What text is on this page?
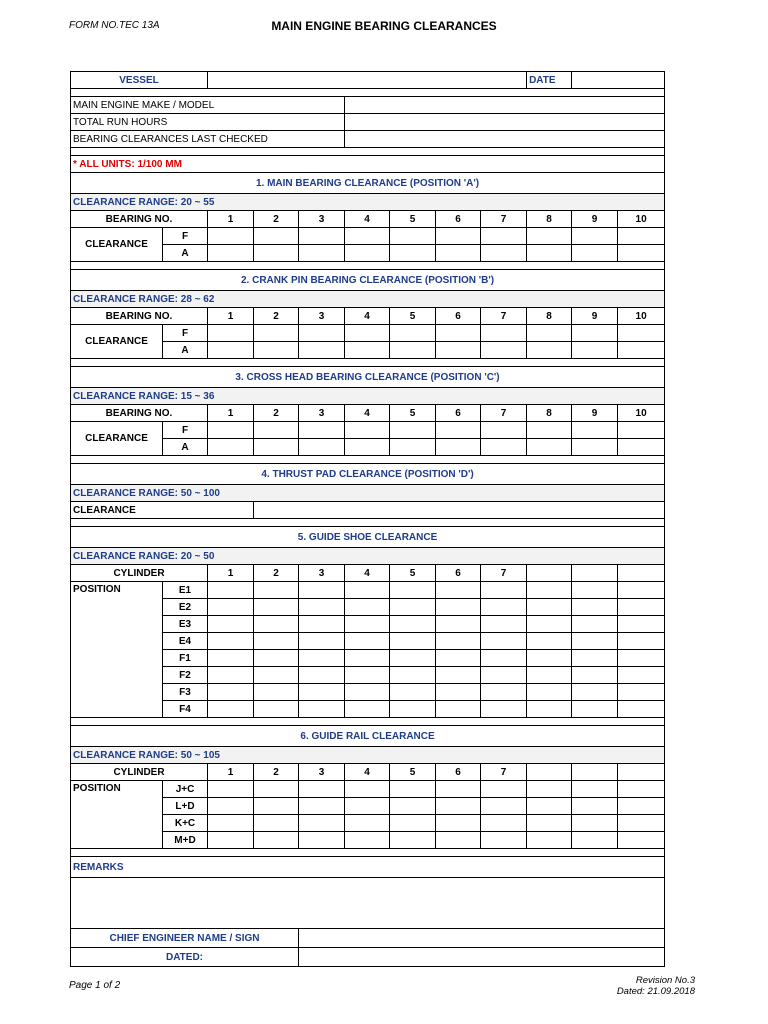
FORM NO.TEC 13A	MAIN ENGINE BEARING CLEARANCES
VESSEL									DATE		

MAIN ENGINE MAKE / MODEL											
TOTAL RUN HOURS											
BEARING CLEARANCES LAST CHECKED											

* ALL UNITS: 1/100 MM											
1. MAIN BEARING CLEARANCE (POSITION 'A')											
CLEARANCE RANGE: 20 ~ 55											
BEARING NO.		1	2	3	4	5	6	7	8	9	10
CLEARANCE	F										
	A										

2. CRANK PIN BEARING CLEARANCE (POSITION 'B')											
CLEARANCE RANGE: 28 ~ 62											
BEARING NO.		1	2	3	4	5	6	7	8	9	10
CLEARANCE	F										
	A										

3. CROSS HEAD BEARING CLEARANCE (POSITION 'C')											
CLEARANCE RANGE: 15 ~ 36											
BEARING NO.		1	2	3	4	5	6	7	8	9	10
CLEARANCE	F										
	A										

4. THRUST PAD CLEARANCE (POSITION 'D')											
CLEARANCE RANGE: 50 ~ 100											
CLEARANCE											

5. GUIDE SHOE CLEARANCE											
CLEARANCE RANGE: 20 ~ 50											
CYLINDER		1	2	3	4	5	6	7			
POSITION	E1										
	E2										
	E3										
	E4										
	F1										
	F2										
	F3										
	F4										

6. GUIDE RAIL CLEARANCE											
CLEARANCE RANGE: 50 ~ 105											
CYLINDER		1	2	3	4	5	6	7			
POSITION	J+C										
	L+D										
	K+C										
	M+D										

REMARKS											

CHIEF ENGINEER NAME / SIGN											
DATED:											
Page 1 of 2	Revision No.3
Dated: 21.09.2018
